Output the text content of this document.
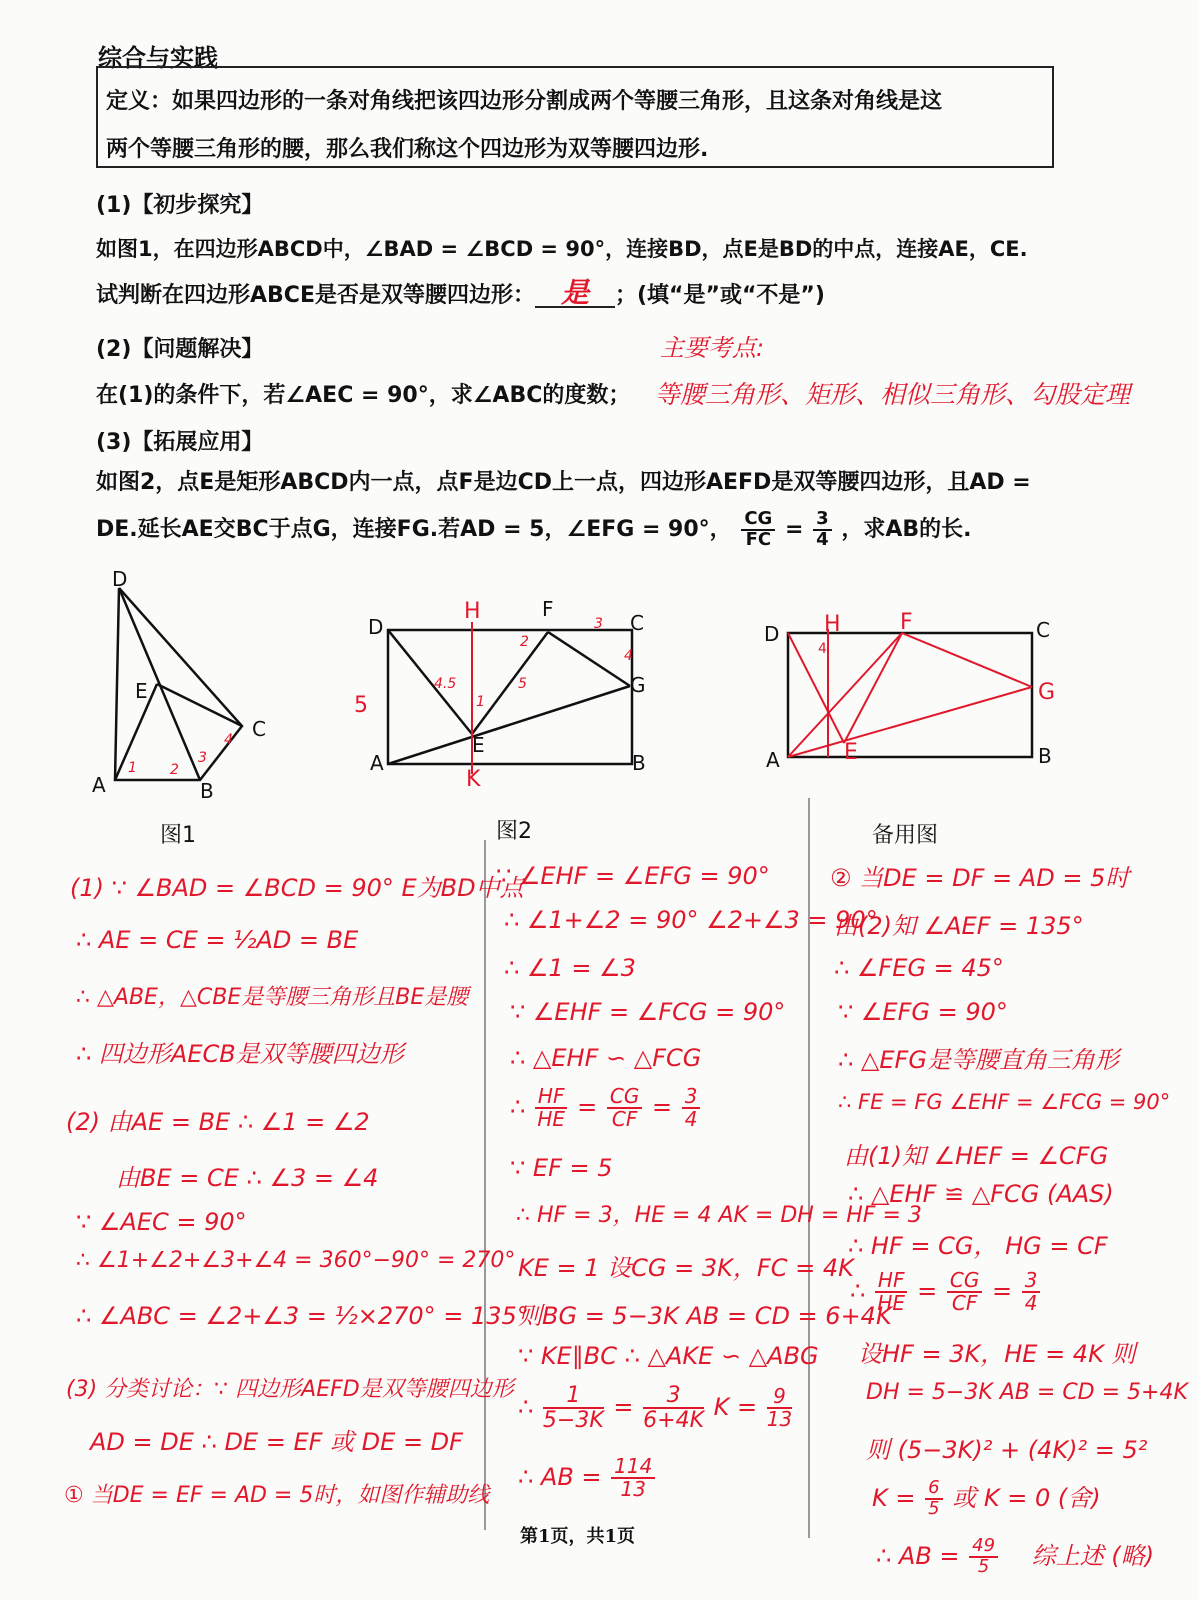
综合与实践
定义：如果四边形的一条对角线把该四边形分割成两个等腰三角形，且这条对角线是这
两个等腰三角形的腰，那么我们称这个四边形为双等腰四边形.
(1)【初步探究】
如图1，在四边形ABCD中，∠BAD = ∠BCD = 90°，连接BD，点E是BD的中点，连接AE，CE.
试判断在四边形ABCE是否是双等腰四边形： 是 ；(填“是”或“不是”)
(2)【问题解决】
在(1)的条件下，若∠AEC = 90°，求∠ABC的度数；
(3)【拓展应用】
如图2，点E是矩形ABCD内一点，点F是边CD上一点，四边形AEFD是双等腰四边形，且AD =
DE.延长AE交BC于点G，连接FG.若AD = 5，∠EFG = 90°， $\frac{CG}{FC} = \frac{3}{4}$ ，求AB的长.
主要考点:
等腰三角形、矩形、相似三角形、勾股定理
1 2
3
4
D
E
C
A	B
图1
4.5	5
2
1
3
4
5
H
K
D
F
C
G
A
E
B
图2
H	F
G
E
4
D	C
A	B
备用图
(1) ∵ ∠BAD = ∠BCD = 90° E为BD中点
∴ AE = CE = ½AD = BE
∴ △ABE，△CBE是等腰三角形且BE是腰
∴ 四边形AECB是双等腰四边形
(2) 由AE = BE ∴ ∠1 = ∠2
由BE = CE ∴ ∠3 = ∠4
∵ ∠AEC = 90°
∴ ∠1+∠2+∠3+∠4 = 360°−90° = 270°
∴ ∠ABC = ∠2+∠3 = ½×270° = 135°
(3) 分类讨论：∵ 四边形AEFD是双等腰四边形
AD = DE ∴ DE = EF 或 DE = DF
① 当DE = EF = AD = 5时，如图作辅助线
∵ ∠EHF = ∠EFG = 90°
∴ ∠1+∠2 = 90° ∠2+∠3 = 90°
∴ ∠1 = ∠3
∵ ∠EHF = ∠FCG = 90°
∴ △EHF ∽ △FCG
∴ $\frac{HF}{HE} = \frac{CG}{CF} = \frac{3}{4}$
∵ EF = 5
∴ HF = 3，HE = 4 AK = DH = HF = 3
KE = 1 设CG = 3K，FC = 4K
则BG = 5−3K AB = CD = 6+4K
∵ KE∥BC ∴ △AKE ∽ △ABG
∴ $\frac{1}{5-3K} = \frac{3}{6+4K}$ $K = \frac{9}{13}$
∴ AB = $\frac{114}{13}$
② 当DE = DF = AD = 5时
由(2)知 ∠AEF = 135°
∴ ∠FEG = 45°
∵ ∠EFG = 90°
∴ △EFG是等腰直角三角形
∴ FE = FG ∠EHF = ∠FCG = 90°
由(1)知 ∠HEF = ∠CFG
∴ △EHF ≌ △FCG (AAS)
∴ HF = CG， HG = CF
∴ $\frac{HF}{HE} = \frac{CG}{CF} = \frac{3}{4}$
设HF = 3K，HE = 4K 则
DH = 5−3K AB = CD = 5+4K
则 (5−3K)² + (4K)² = 5²
$K = \frac{6}{5}$ 或 K = 0 (舍)
∴ AB = $\frac{49}{5}$ 综上述 (略)
第1页，共1页
